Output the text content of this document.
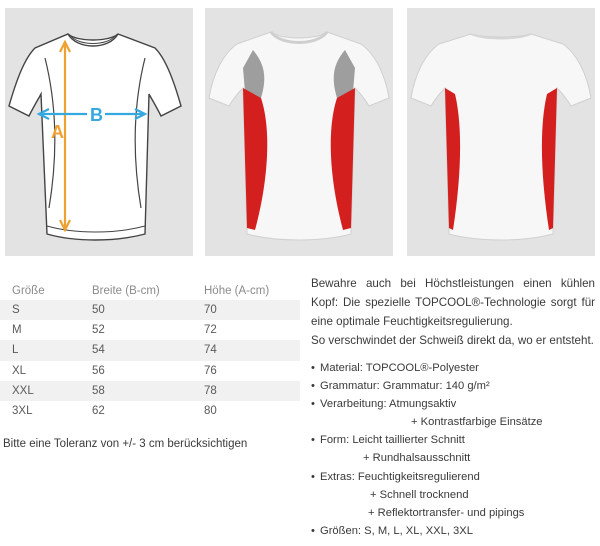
A
B
Größe	Breite (B-cm)	Höhe (A-cm)
S	50	70
M	52	72
L	54	74
XL	56	76
XXL	58	78
3XL	62	80
Bitte eine Toleranz von +/- 3 cm berücksichtigen

Bewahre auch bei Höchstleistungen einen kühlen Kopf: Die spezielle TOPCOOL®-Technologie sorgt für eine optimale Feuchtigkeitsregulierung.

So verschwindet der Schweiß direkt da, wo er entsteht.

• Material: TOPCOOL®-Polyester
• Grammatur: Grammatur: 140 g/m²
• Verarbeitung: Atmungsaktiv
+ Kontrastfarbige Einsätze
• Form: Leicht taillierter Schnitt
+ Rundhalsausschnitt
• Extras: Feuchtigkeitsregulierend
+ Schnell trocknend
+ Reflektortransfer- und pipings
• Größen: S, M, L, XL, XXL, 3XL
